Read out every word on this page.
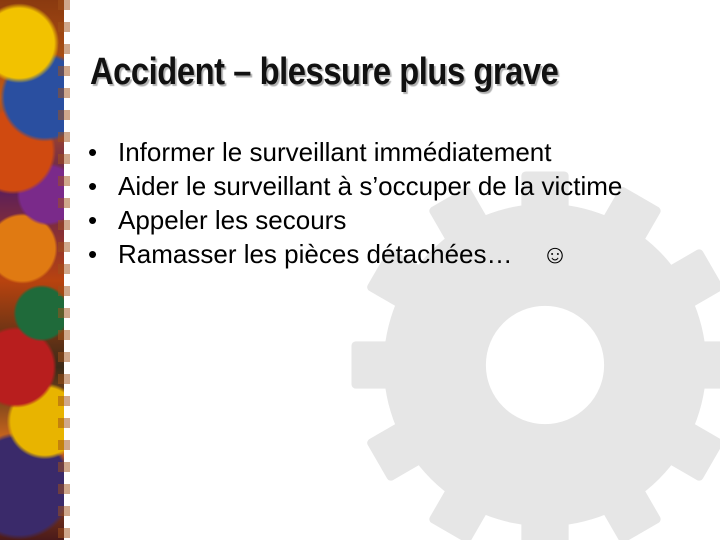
Accident – blessure plus grave
• Informer le surveillant immédiatement
• Aider le surveillant à s’occuper de la victime
• Appeler les secours
• Ramasser les pièces détachées… ☺
